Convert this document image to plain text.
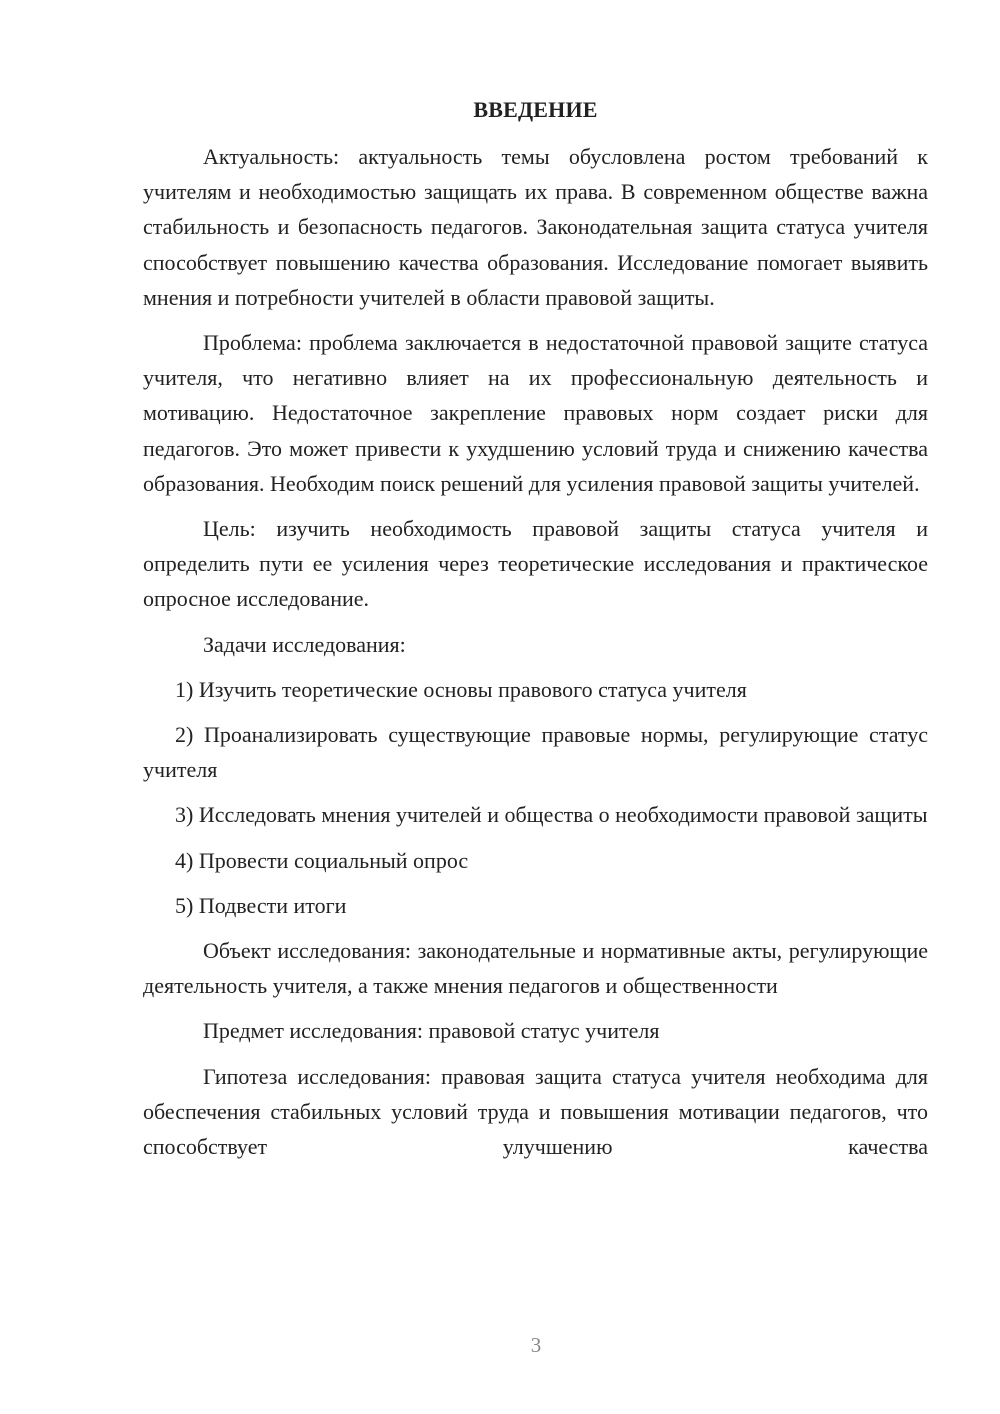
ВВЕДЕНИЕ

Актуальность: актуальность темы обусловлена ростом требований к учителям и необходимостью защищать их права. В современном обществе важна стабильность и безопасность педагогов. Законодательная защита статуса учителя способствует повышению качества образования. Исследование помогает выявить мнения и потребности учителей в области правовой защиты.

Проблема: проблема заключается в недостаточной правовой защите статуса учителя, что негативно влияет на их профессиональную деятельность и мотивацию. Недостаточное закрепление правовых норм создает риски для педагогов. Это может привести к ухудшению условий труда и снижению качества образования. Необходим поиск решений для усиления правовой защиты учителей.

Цель: изучить необходимость правовой защиты статуса учителя и определить пути ее усиления через теоретические исследования и практическое опросное исследование.

Задачи исследования:

1) Изучить теоретические основы правового статуса учителя

2) Проанализировать существующие правовые нормы, регулирующие статус учителя

3) Исследовать мнения учителей и общества о необходимости правовой защиты

4) Провести социальный опрос

5) Подвести итоги

Объект исследования: законодательные и нормативные акты, регулирующие деятельность учителя, а также мнения педагогов и общественности

Предмет исследования: правовой статус учителя

Гипотеза исследования: правовая защита статуса учителя необходима для обеспечения стабильных условий труда и повышения мотивации педагогов, что способствует улучшению качества

3
